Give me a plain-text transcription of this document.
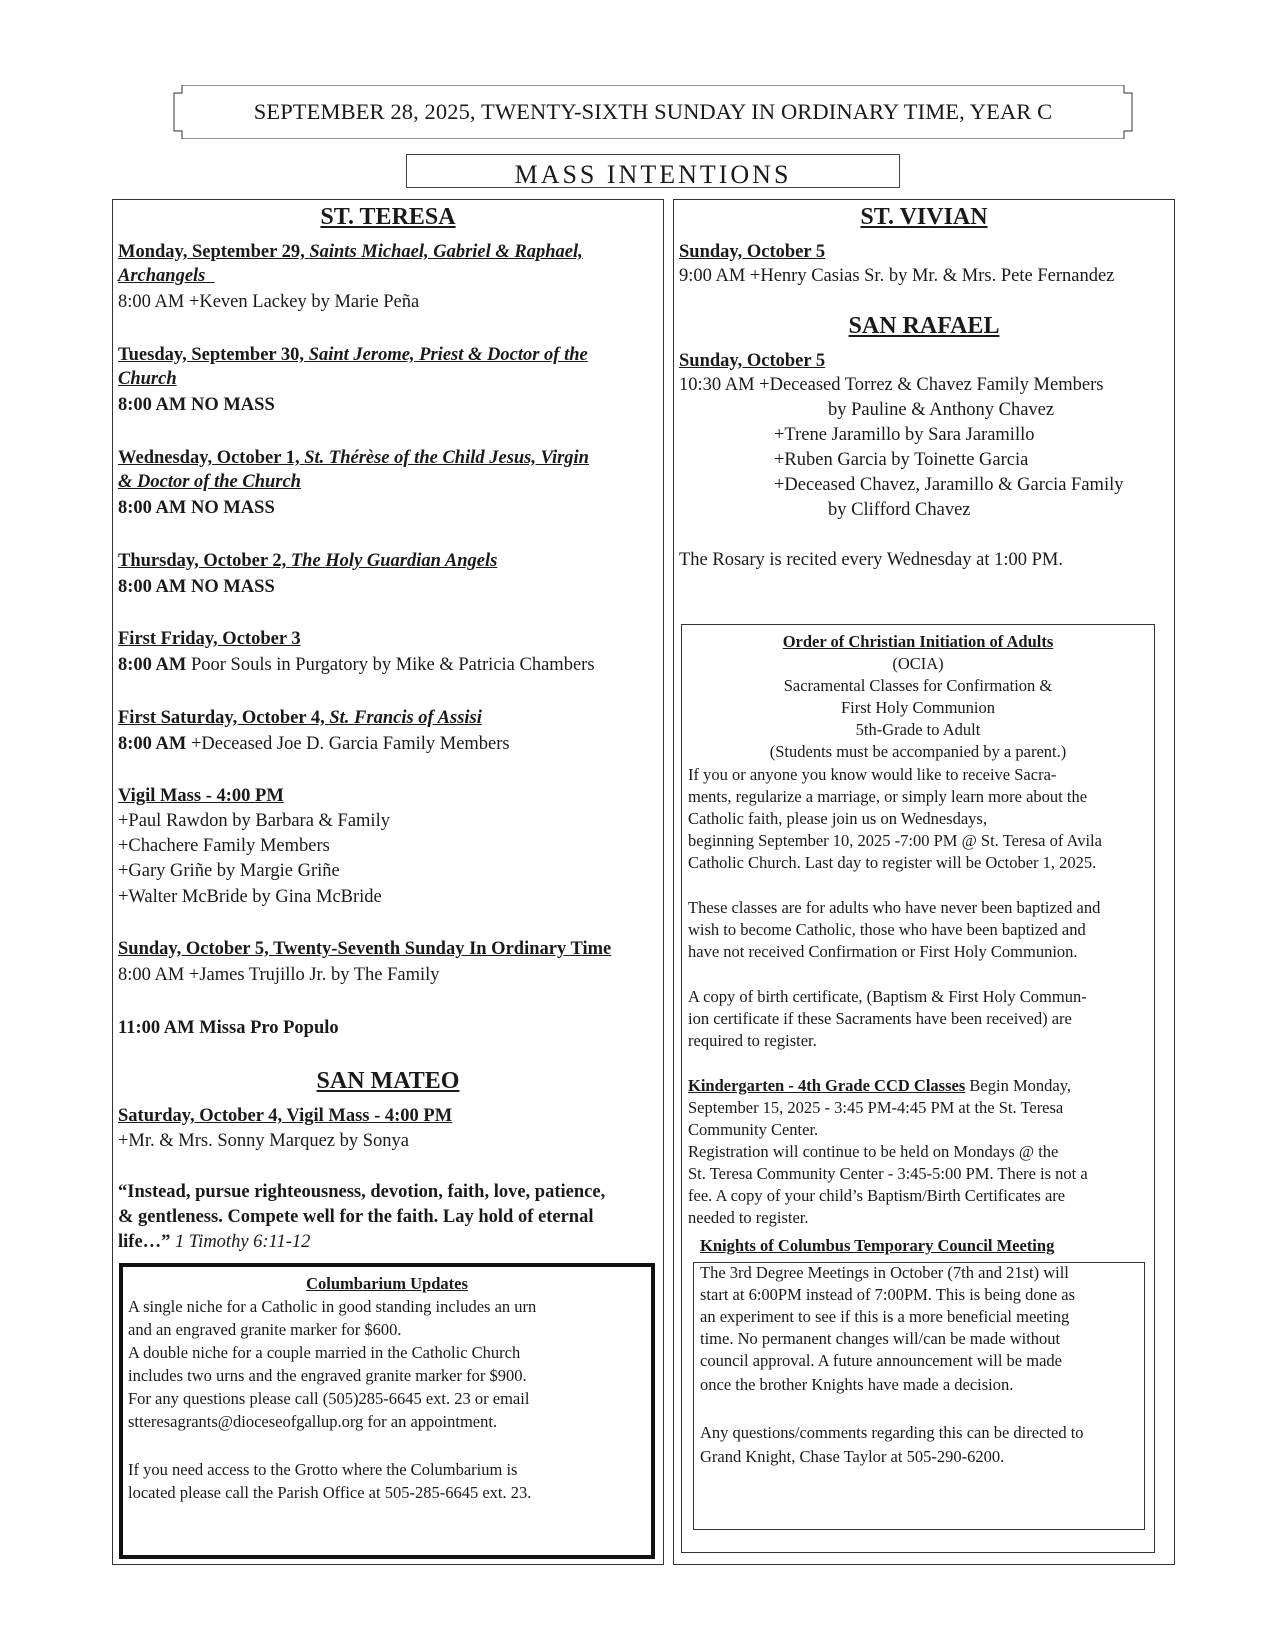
SEPTEMBER 28, 2025, TWENTY-SIXTH SUNDAY IN ORDINARY TIME, YEAR C
MASS INTENTIONS
ST. TERESA
Monday, September 29, Saints Michael, Gabriel & Raphael,
Archangels
8:00 AM +Keven Lackey by Marie Peña
Tuesday, September 30, Saint Jerome, Priest & Doctor of the
Church
8:00 AM NO MASS
Wednesday, October 1, St. Thérèse of the Child Jesus, Virgin
& Doctor of the Church
8:00 AM NO MASS
Thursday, October 2, The Holy Guardian Angels
8:00 AM NO MASS
First Friday, October 3
8:00 AM Poor Souls in Purgatory by Mike & Patricia Chambers
First Saturday, October 4, St. Francis of Assisi
8:00 AM +Deceased Joe D. Garcia Family Members
Vigil Mass - 4:00 PM
+Paul Rawdon by Barbara & Family
+Chachere Family Members
+Gary Griñe by Margie Griñe
+Walter McBride by Gina McBride
Sunday, October 5, Twenty-Seventh Sunday In Ordinary Time
8:00 AM +James Trujillo Jr. by The Family
11:00 AM Missa Pro Populo
SAN MATEO
Saturday, October 4, Vigil Mass - 4:00 PM
+Mr. & Mrs. Sonny Marquez by Sonya
“Instead, pursue righteousness, devotion, faith, love, patience,
& gentleness. Compete well for the faith. Lay hold of eternal
life…” 1 Timothy 6:11-12
Columbarium Updates
A single niche for a Catholic in good standing includes an urn
and an engraved granite marker for $600.
A double niche for a couple married in the Catholic Church
includes two urns and the engraved granite marker for $900.
For any questions please call (505)285-6645 ext. 23 or email
stteresagrants@dioceseofgallup.org for an appointment.
If you need access to the Grotto where the Columbarium is
located please call the Parish Office at 505-285-6645 ext. 23.
ST. VIVIAN
Sunday, October 5
9:00 AM +Henry Casias Sr. by Mr. & Mrs. Pete Fernandez
SAN RAFAEL
Sunday, October 5
10:30 AM +Deceased Torrez & Chavez Family Members
by Pauline & Anthony Chavez
+Trene Jaramillo by Sara Jaramillo
+Ruben Garcia by Toinette Garcia
+Deceased Chavez, Jaramillo & Garcia Family
by Clifford Chavez
The Rosary is recited every Wednesday at 1:00 PM.
Order of Christian Initiation of Adults
(OCIA)
Sacramental Classes for Confirmation &
First Holy Communion
5th-Grade to Adult
(Students must be accompanied by a parent.)
If you or anyone you know would like to receive Sacra-
ments, regularize a marriage, or simply learn more about the
Catholic faith, please join us on Wednesdays,
beginning September 10, 2025 -7:00 PM @ St. Teresa of Avila
Catholic Church. Last day to register will be October 1, 2025.
These classes are for adults who have never been baptized and
wish to become Catholic, those who have been baptized and
have not received Confirmation or First Holy Communion.
A copy of birth certificate, (Baptism & First Holy Commun-
ion certificate if these Sacraments have been received) are
required to register.
Kindergarten - 4th Grade CCD Classes Begin Monday,
September 15, 2025 - 3:45 PM-4:45 PM at the St. Teresa
Community Center.
Registration will continue to be held on Mondays @ the
St. Teresa Community Center - 3:45-5:00 PM. There is not a
fee. A copy of your child’s Baptism/Birth Certificates are
needed to register.
Knights of Columbus Temporary Council Meeting
The 3rd Degree Meetings in October (7th and 21st) will
start at 6:00PM instead of 7:00PM. This is being done as
an experiment to see if this is a more beneficial meeting
time. No permanent changes will/can be made without
council approval. A future announcement will be made
once the brother Knights have made a decision.
Any questions/comments regarding this can be directed to
Grand Knight, Chase Taylor at 505-290-6200.
